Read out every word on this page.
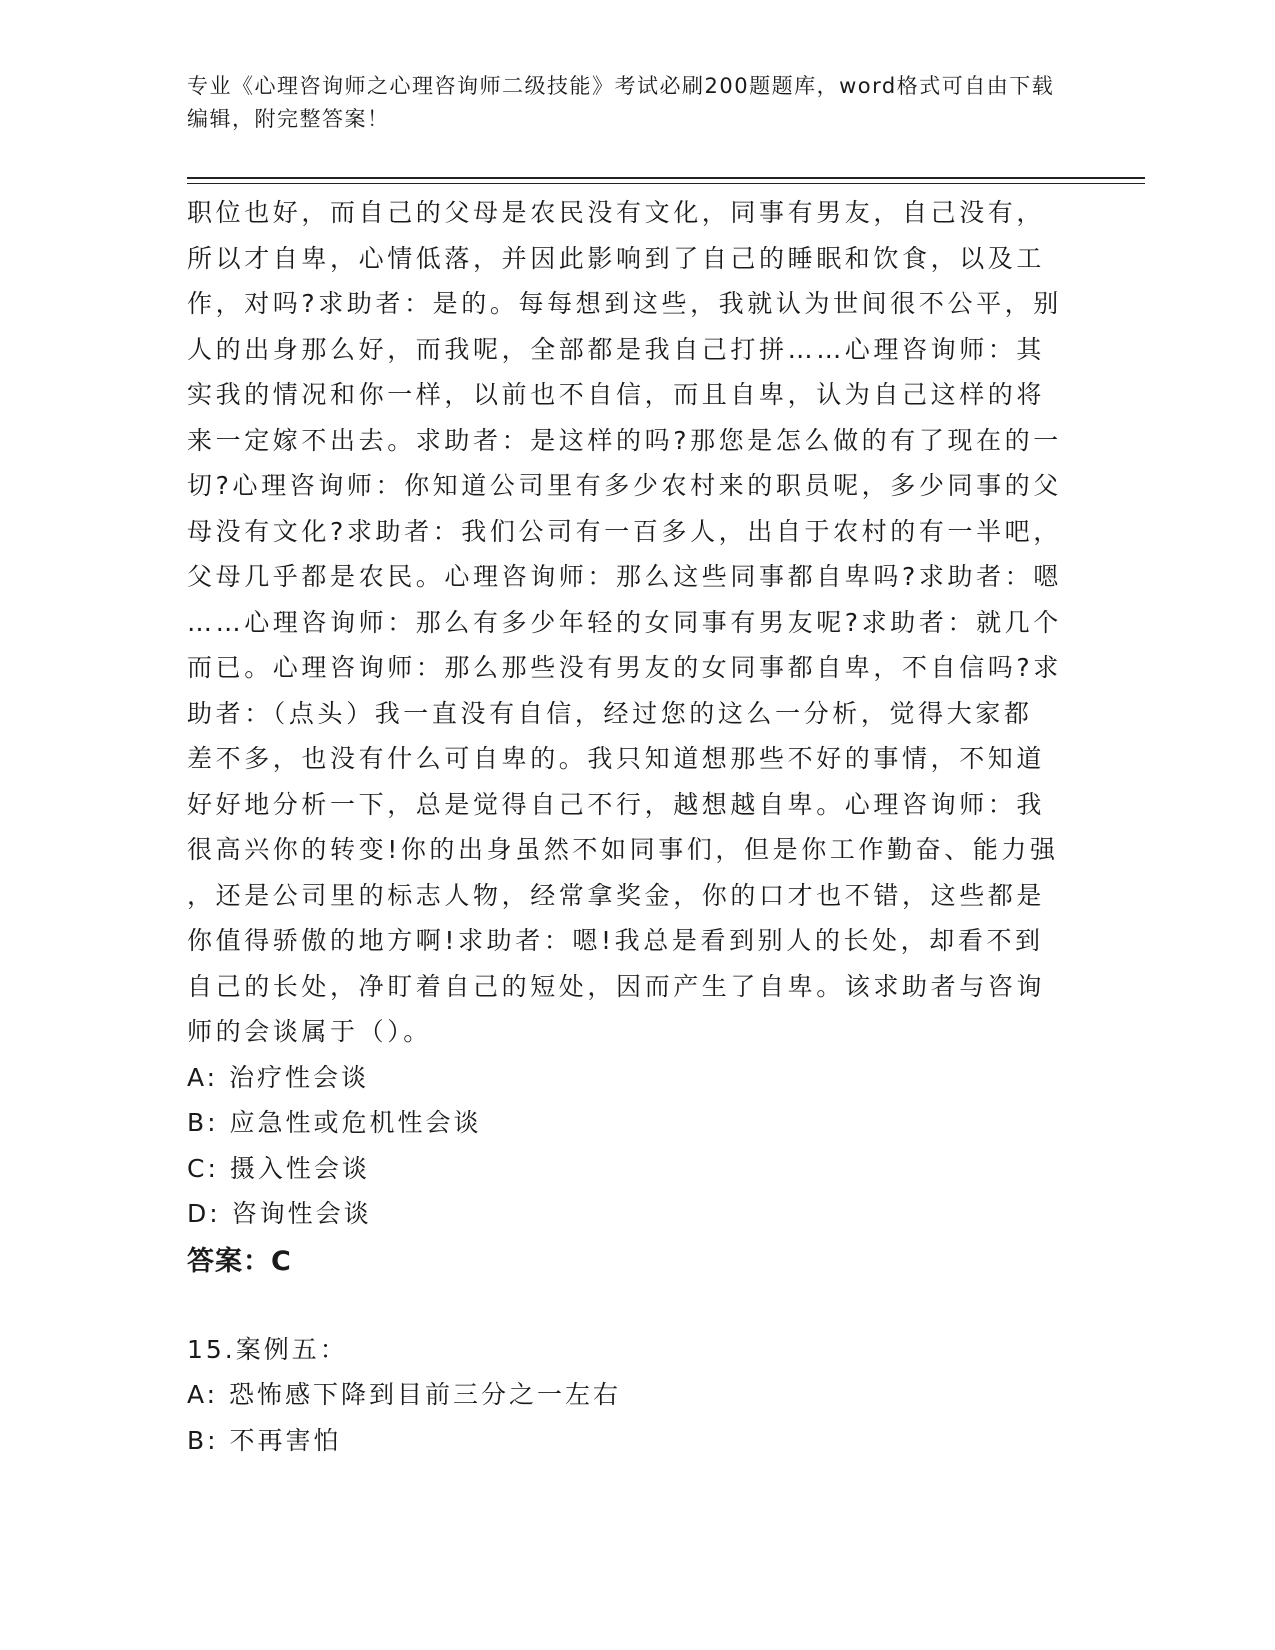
专业《心理咨询师之心理咨询师二级技能》考试必刷200题题库，word格式可自由下载编辑，附完整答案！
职位也好，而自己的父母是农民没有文化，同事有男友，自己没有，
所以才自卑，心情低落，并因此影响到了自己的睡眠和饮食，以及工
作，对吗?求助者：是的。每每想到这些，我就认为世间很不公平，别
人的出身那么好，而我呢，全部都是我自己打拼……心理咨询师：其
实我的情况和你一样，以前也不自信，而且自卑，认为自己这样的将
来一定嫁不出去。求助者：是这样的吗?那您是怎么做的有了现在的一
切?心理咨询师：你知道公司里有多少农村来的职员呢，多少同事的父
母没有文化?求助者：我们公司有一百多人，出自于农村的有一半吧，
父母几乎都是农民。心理咨询师：那么这些同事都自卑吗?求助者：嗯
……心理咨询师：那么有多少年轻的女同事有男友呢?求助者：就几个
而已。心理咨询师：那么那些没有男友的女同事都自卑，不自信吗?求
助者：（点头）我一直没有自信，经过您的这么一分析，觉得大家都
差不多，也没有什么可自卑的。我只知道想那些不好的事情，不知道
好好地分析一下，总是觉得自己不行，越想越自卑。心理咨询师：我
很高兴你的转变!你的出身虽然不如同事们，但是你工作勤奋、能力强
，还是公司里的标志人物，经常拿奖金，你的口才也不错，这些都是
你值得骄傲的地方啊!求助者：嗯!我总是看到别人的长处，却看不到
自己的长处，净盯着自己的短处，因而产生了自卑。该求助者与咨询
师的会谈属于（）。
A: 治疗性会谈
B: 应急性或危机性会谈
C: 摄入性会谈
D: 咨询性会谈
答案：C
15.案例五：
A: 恐怖感下降到目前三分之一左右
B: 不再害怕
